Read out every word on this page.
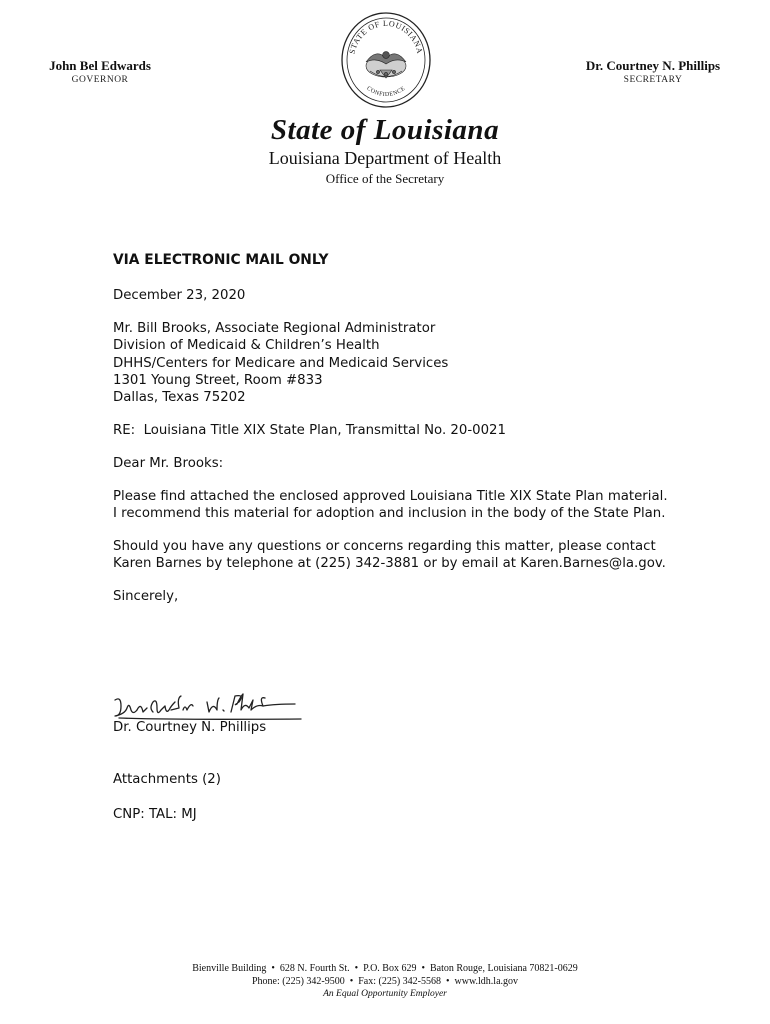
John Bel Edwards
GOVERNOR
STATE OF LOUISIANA
CONFIDENCE
Dr. Courtney N. Phillips
SECRETARY
State of Louisiana
Louisiana Department of Health
Office of the Secretary

VIA ELECTRONIC MAIL ONLY

December 23, 2020

Mr. Bill Brooks, Associate Regional Administrator
Division of Medicaid & Children’s Health
DHHS/Centers for Medicare and Medicaid Services
1301 Young Street, Room #833
Dallas, Texas 75202

RE:  Louisiana Title XIX State Plan, Transmittal No. 20-0021

Dear Mr. Brooks:

Please find attached the enclosed approved Louisiana Title XIX State Plan material. I recommend this material for adoption and inclusion in the body of the State Plan.

Should you have any questions or concerns regarding this matter, please contact Karen Barnes by telephone at (225) 342-3881 or by email at Karen.Barnes@la.gov.

Sincerely,

Dr. Courtney N. Phillips
Attachments (2)
CNP: TAL: MJ
Bienville Building  •  628 N. Fourth St.  •  P.O. Box 629  •  Baton Rouge, Louisiana 70821-0629
Phone: (225) 342-9500  •  Fax: (225) 342-5568  •  www.ldh.la.gov
An Equal Opportunity Employer
